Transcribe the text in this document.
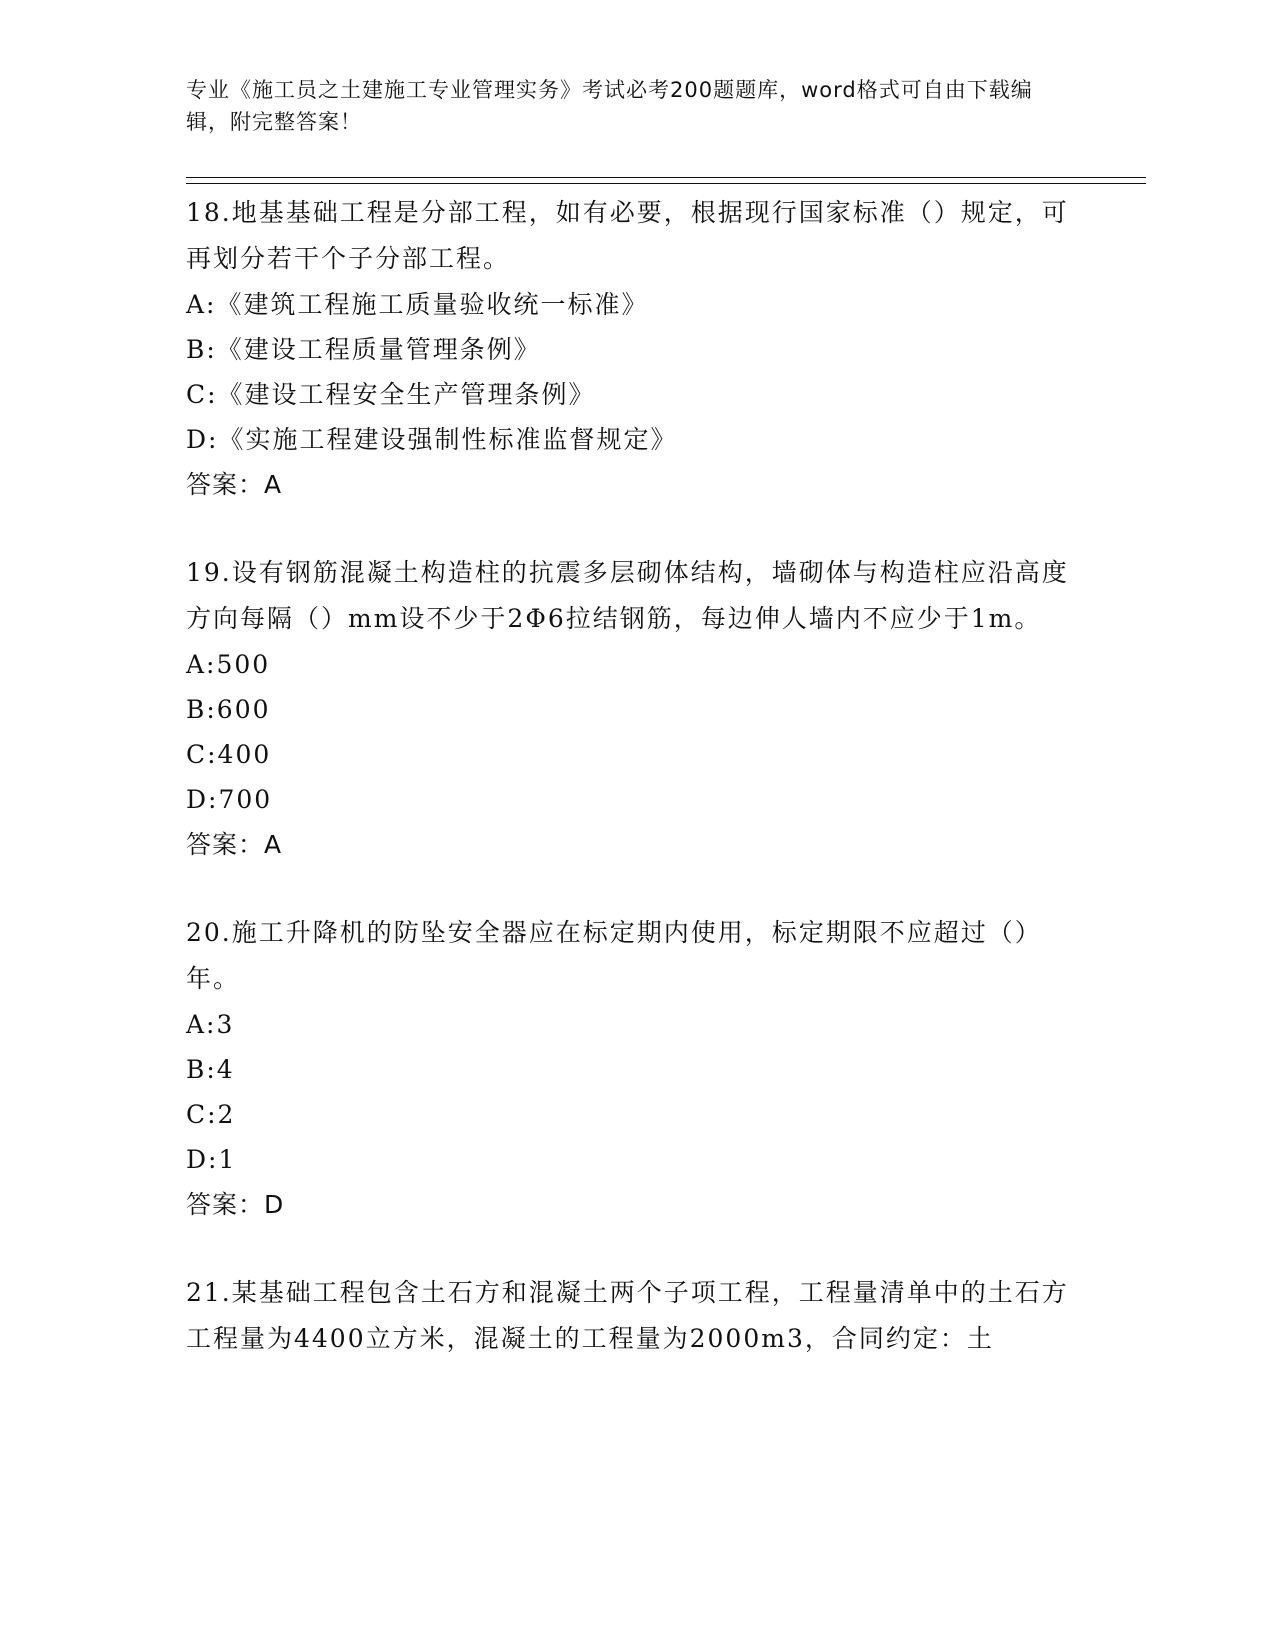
专业《施工员之土建施工专业管理实务》考试必考200题题库，word格式可自由下载编辑，附完整答案！
18.地基基础工程是分部工程，如有必要，根据现行国家标准（）规定，可再划分若干个子分部工程。
A:《建筑工程施工质量验收统一标准》
B:《建设工程质量管理条例》
C:《建设工程安全生产管理条例》
D:《实施工程建设强制性标准监督规定》
答案：A
19.设有钢筋混凝土构造柱的抗震多层砌体结构，墙砌体与构造柱应沿高度方向每隔（）mm设不少于2Φ6拉结钢筋，每边伸人墙内不应少于1m。
A:500
B:600
C:400
D:700
答案：A
20.施工升降机的防坠安全器应在标定期内使用，标定期限不应超过（）年。
A:3
B:4
C:2
D:1
答案：D
21.某基础工程包含土石方和混凝土两个子项工程，工程量清单中的土石方工程量为4400立方米，混凝土的工程量为2000m3，合同约定：土
